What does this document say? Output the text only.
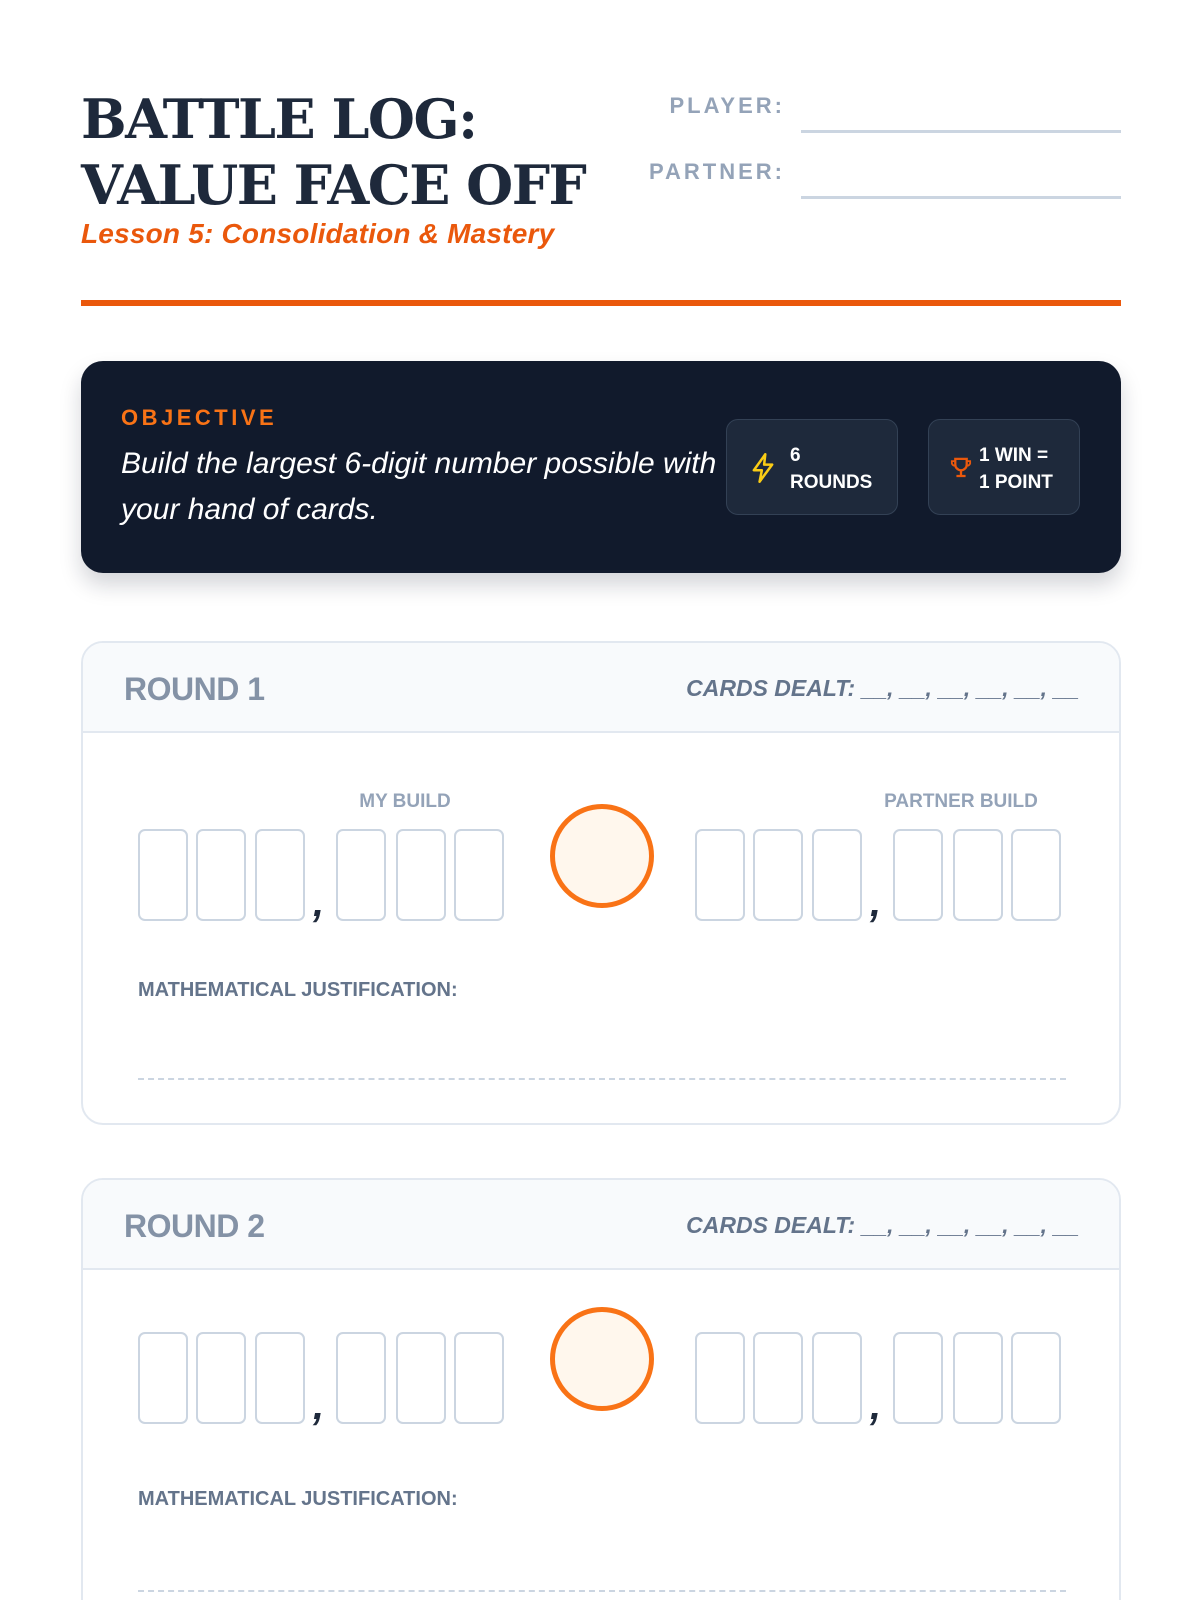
BATTLE LOG: VALUE FACE OFF
Lesson 5: Consolidation & Mastery
PLAYER:
PARTNER:
OBJECTIVE
Build the largest 6-digit number possible with your hand of cards.
6
ROUNDS
1 WIN =
1 POINT
ROUND 1	CARDS DEALT: __, __, __, __, __, __
MY BUILD	PARTNER BUILD
,	,
MATHEMATICAL JUSTIFICATION:
ROUND 2	CARDS DEALT: __, __, __, __, __, __
,	,
MATHEMATICAL JUSTIFICATION:
